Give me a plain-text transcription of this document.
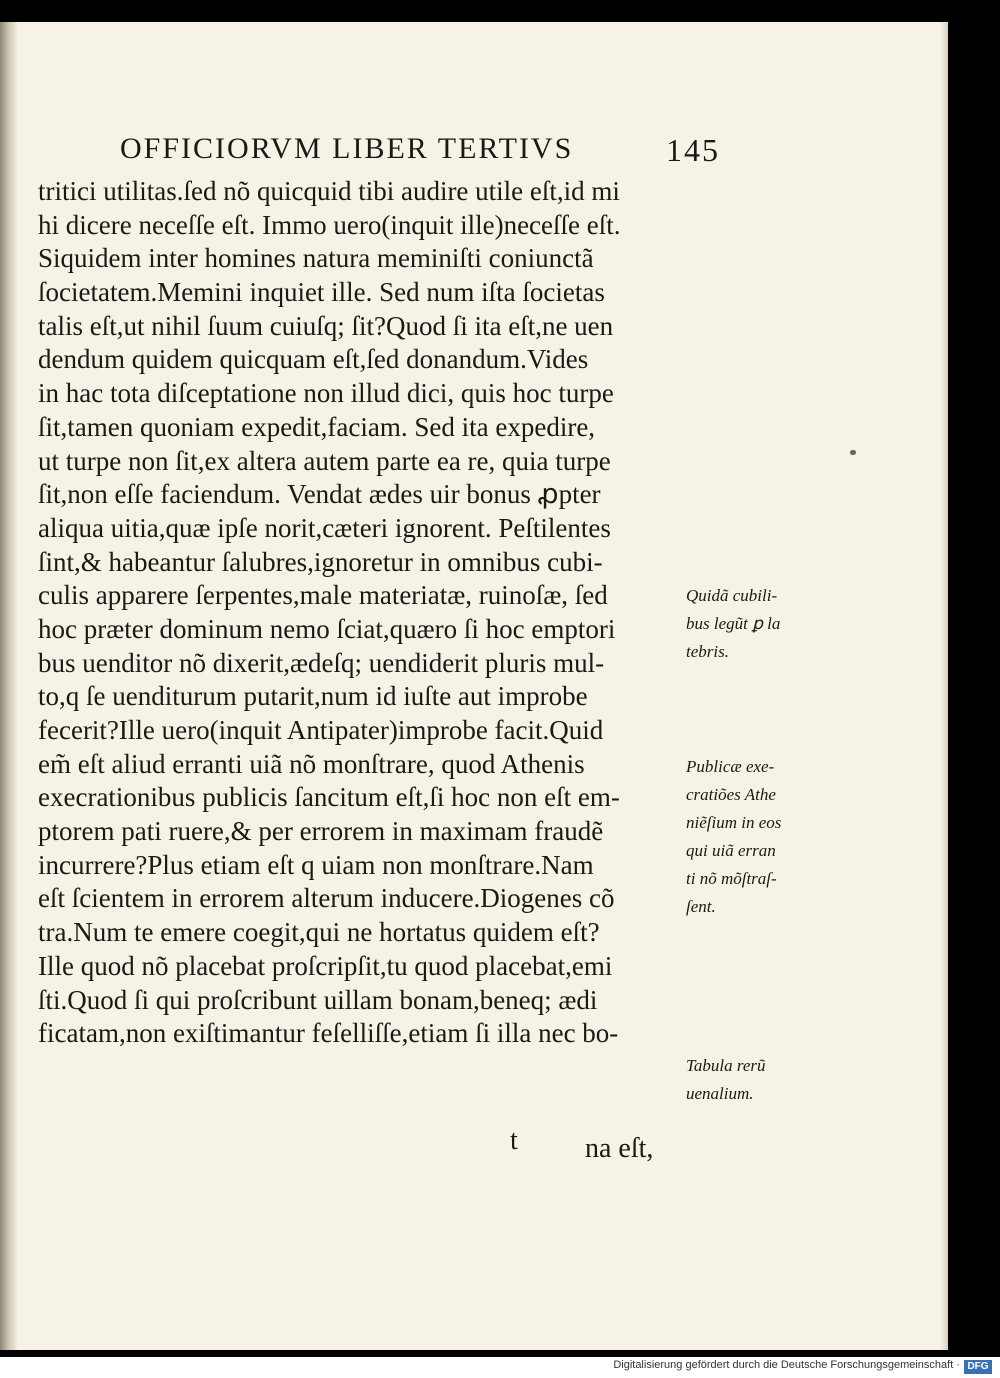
OFFICIORVM LIBER TERTIVS	145
tritici utilitas.ſed nõ quicquid tibi audire utile eſt,id mi
hi dicere neceſſe eſt. Immo uero(inquit ille)neceſſe eſt.
Siquidem inter homines natura meminiſti coniunctã
ſocietatem.Memini inquiet ille. Sed num iſta ſocietas
talis eſt,ut nihil ſuum cuiuſq; ſit?Quod ſi ita eſt,ne uen
dendum quidem quicquam eſt,ſed donandum.Vides
in hac tota diſceptatione non illud dici, quis hoc turpe
ſit,tamen quoniam expedit,faciam. Sed ita expedire,
ut turpe non ſit,ex altera autem parte ea re, quia turpe
ſit,non eſſe faciendum. Vendat ædes uir bonus ꝓpter
aliqua uitia,quæ ipſe norit,cæteri ignorent. Peſtilentes
ſint,& habeantur ſalubres,ignoretur in omnibus cubi-
culis apparere ſerpentes,male materiatæ, ruinoſæ, ſed
hoc præter dominum nemo ſciat,quæro ſi hoc emptori
bus uenditor nõ dixerit,ædeſq; uendiderit pluris mul-
to,q ſe uenditurum putarit,num id iuſte aut improbe
fecerit?Ille uero(inquit Antipater)improbe facit.Quid
em̃ eſt aliud erranti uiã nõ monſtrare, quod Athenis
execrationibus publicis ſancitum eſt,ſi hoc non eſt em-
ptorem pati ruere,& per errorem in maximam fraudẽ
incurrere?Plus etiam eſt q uiam non monſtrare.Nam
eſt ſcientem in errorem alterum inducere.Diogenes cõ
tra.Num te emere coegit,qui ne hortatus quidem eſt?
Ille quod nõ placebat proſcripſit,tu quod placebat,emi
ſti.Quod ſi qui proſcribunt uillam bonam,beneq; ædi
ficatam,non exiſtimantur feſelliſſe,etiam ſi illa nec bo-
t na eſt,
Quidã cubili-
bus legũt ꝑ la
tebris.
Publicæ exe-
cratiões Athe
niẽſium in eos
qui uiã erran
ti nõ mõſtraſ-
ſent.
Tabula rerũ
uenalium.
Digitalisierung gefördert durch die Deutsche Forschungsgemeinschaft · DFG
